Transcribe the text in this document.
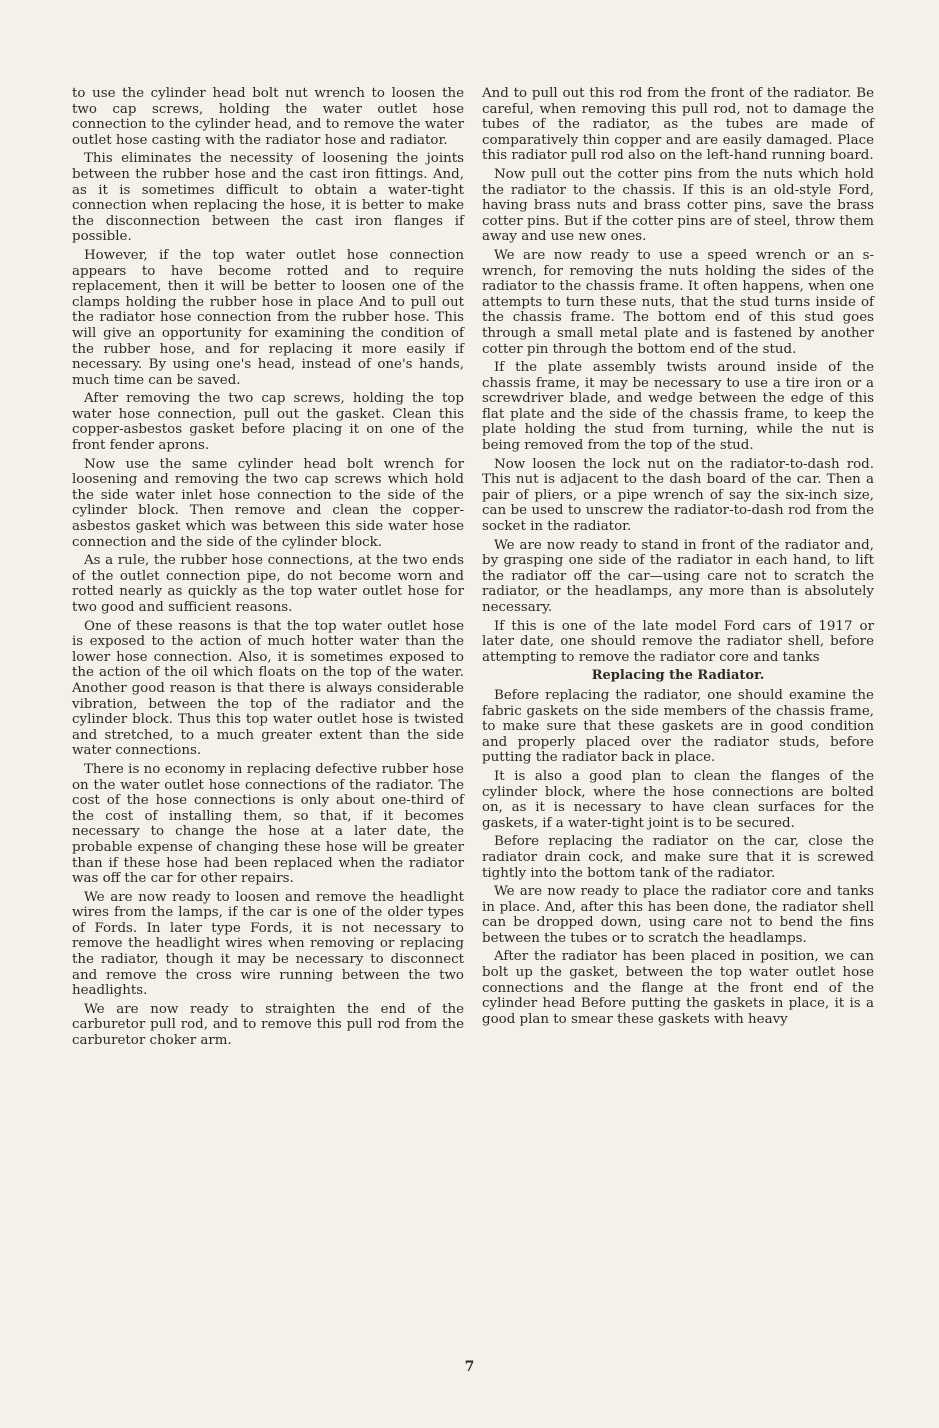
to use the cylinder head bolt nut wrench to loosen the two cap screws, holding the water outlet hose connection to the cylinder head, and to remove the water outlet hose casting with the radiator hose and radiator.

This eliminates the necessity of loosening the joints between the rubber hose and the cast iron fittings. And, as it is sometimes difficult to obtain a water-tight connection when replacing the hose, it is better to make the disconnection between the cast iron flanges if possible.

However, if the top water outlet hose connection appears to have become rotted and to require replacement, then it will be better to loosen one of the clamps holding the rubber hose in place And to pull out the radiator hose connection from the rubber hose. This will give an opportunity for examining the condition of the rubber hose, and for replacing it more easily if necessary. By using one's head, instead of one's hands, much time can be saved.

After removing the two cap screws, holding the top water hose connection, pull out the gasket. Clean this copper-asbestos gasket before placing it on one of the front fender aprons.

Now use the same cylinder head bolt wrench for loosening and removing the two cap screws which hold the side water inlet hose connection to the side of the cylinder block. Then remove and clean the copper-asbestos gasket which was between this side water hose connection and the side of the cylinder block.

As a rule, the rubber hose connections, at the two ends of the outlet connection pipe, do not become worn and rotted nearly as quickly as the top water outlet hose for two good and sufficient reasons.

One of these reasons is that the top water outlet hose is exposed to the action of much hotter water than the lower hose connection. Also, it is sometimes exposed to the action of the oil which floats on the top of the water. Another good reason is that there is always considerable vibration, between the top of the radiator and the cylinder block. Thus this top water outlet hose is twisted and stretched, to a much greater extent than the side water connections.

There is no economy in replacing defective rubber hose on the water outlet hose connections of the radiator. The cost of the hose connections is only about one-third of the cost of installing them, so that, if it becomes necessary to change the hose at a later date, the probable expense of changing these hose will be greater than if these hose had been replaced when the radiator was off the car for other repairs.

We are now ready to loosen and remove the headlight wires from the lamps, if the car is one of the older types of Fords. In later type Fords, it is not necessary to remove the headlight wires when removing or replacing the radiator, though it may be necessary to disconnect and remove the cross wire running between the two headlights.

We are now ready to straighten the end of the carburetor pull rod, and to remove this pull rod from the carburetor choker arm.

And to pull out this rod from the front of the radiator. Be careful, when removing this pull rod, not to damage the tubes of the radiator, as the tubes are made of comparatively thin copper and are easily damaged. Place this radiator pull rod also on the left-hand running board.

Now pull out the cotter pins from the nuts which hold the radiator to the chassis. If this is an old-style Ford, having brass nuts and brass cotter pins, save the brass cotter pins. But if the cotter pins are of steel, throw them away and use new ones.

We are now ready to use a speed wrench or an s-wrench, for removing the nuts holding the sides of the radiator to the chassis frame. It often happens, when one attempts to turn these nuts, that the stud turns inside of the chassis frame. The bottom end of this stud goes through a small metal plate and is fastened by another cotter pin through the bottom end of the stud.

If the plate assembly twists around inside of the chassis frame, it may be necessary to use a tire iron or a screwdriver blade, and wedge between the edge of this flat plate and the side of the chassis frame, to keep the plate holding the stud from turning, while the nut is being removed from the top of the stud.

Now loosen the lock nut on the radiator-to-dash rod. This nut is adjacent to the dash board of the car. Then a pair of pliers, or a pipe wrench of say the six-inch size, can be used to unscrew the radiator-to-dash rod from the socket in the radiator.

We are now ready to stand in front of the radiator and, by grasping one side of the radiator in each hand, to lift the radiator off the car—using care not to scratch the radiator, or the headlamps, any more than is absolutely necessary.

If this is one of the late model Ford cars of 1917 or later date, one should remove the radiator shell, before attempting to remove the radiator core and tanks

Replacing the Radiator.

Before replacing the radiator, one should examine the fabric gaskets on the side members of the chassis frame, to make sure that these gaskets are in good condition and properly placed over the radiator studs, before putting the radiator back in place.

It is also a good plan to clean the flanges of the cylinder block, where the hose connections are bolted on, as it is necessary to have clean surfaces for the gaskets, if a water-tight joint is to be secured.

Before replacing the radiator on the car, close the radiator drain cock, and make sure that it is screwed tightly into the bottom tank of the radiator.

We are now ready to place the radiator core and tanks in place. And, after this has been done, the radiator shell can be dropped down, using care not to bend the fins between the tubes or to scratch the headlamps.

After the radiator has been placed in position, we can bolt up the gasket, between the top water outlet hose connections and the flange at the front end of the cylinder head Before putting the gaskets in place, it is a good plan to smear these gaskets with heavy

7
